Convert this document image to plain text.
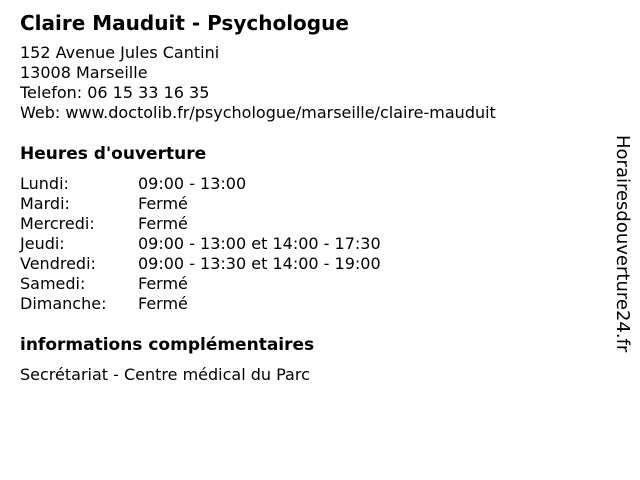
Claire Mauduit - Psychologue
152 Avenue Jules Cantini
13008 Marseille
Telefon: 06 15 33 16 35
Web: www.doctolib.fr/psychologue/marseille/claire-mauduit
Heures d'ouverture
Lundi:	09:00 - 13:00
Mardi:	Fermé
Mercredi:	Fermé
Jeudi:	09:00 - 13:00 et 14:00 - 17:30
Vendredi:	09:00 - 13:30 et 14:00 - 19:00
Samedi:	Fermé
Dimanche:	Fermé
informations complémentaires
Secrétariat - Centre médical du Parc
Horairesdouverture24.fr
